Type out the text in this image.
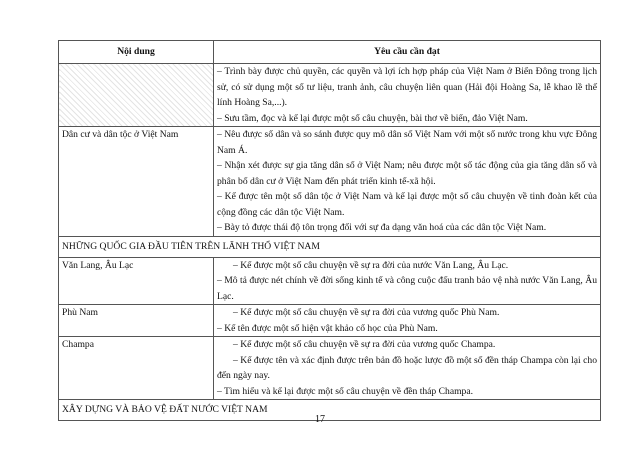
Nội dung	Yêu cầu cần đạt

	– Trình bày được chủ quyền, các quyền và lợi ích hợp pháp của Việt Nam ở Biển Đông trong lịch sử, có sử dụng một số tư liệu, tranh ảnh, câu chuyện liên quan (Hải đội Hoàng Sa, lễ khao lề thế lính Hoàng Sa,...).

– Sưu tầm, đọc và kể lại được một số câu chuyện, bài thơ về biển, đảo Việt Nam.

Dân cư và dân tộc ở Việt Nam	– Nêu được số dân và so sánh được quy mô dân số Việt Nam với một số nước trong khu vực Đông Nam Á.

– Nhận xét được sự gia tăng dân số ở Việt Nam; nêu được một số tác động của gia tăng dân số và phân bố dân cư ở Việt Nam đến phát triển kinh tế-xã hội.

– Kể được tên một số dân tộc ở Việt Nam và kể lại được một số câu chuyện về tinh đoàn kết của cộng đồng các dân tộc Việt Nam.

– Bày tỏ được thái độ tôn trọng đối với sự đa dạng văn hoá của các dân tộc Việt Nam.

NHỮNG QUỐC GIA ĐẦU TIÊN TRÊN LÃNH THỔ VIỆT NAM	
Văn Lang, Âu Lạc	– Kể được một số câu chuyện về sự ra đời của nước Văn Lang, Âu Lạc.

– Mô tả được nét chính về đời sống kinh tế và công cuộc đấu tranh bảo vệ nhà nước Văn Lang, Âu Lạc.

Phù Nam	– Kể được một số câu chuyện về sự ra đời của vương quốc Phù Nam.

– Kể tên được một số hiện vật khảo cổ học của Phù Nam.

Champa	– Kể được một số câu chuyện về sự ra đời của vương quốc Champa.

– Kể được tên và xác định được trên bản đồ hoặc lược đồ một số đền tháp Champa còn lại cho đến ngày nay.

– Tìm hiểu và kể lại được một số câu chuyện về đền tháp Champa.

XÂY DỰNG VÀ BẢO VỆ ĐẤT NƯỚC VIỆT NAM	
17
